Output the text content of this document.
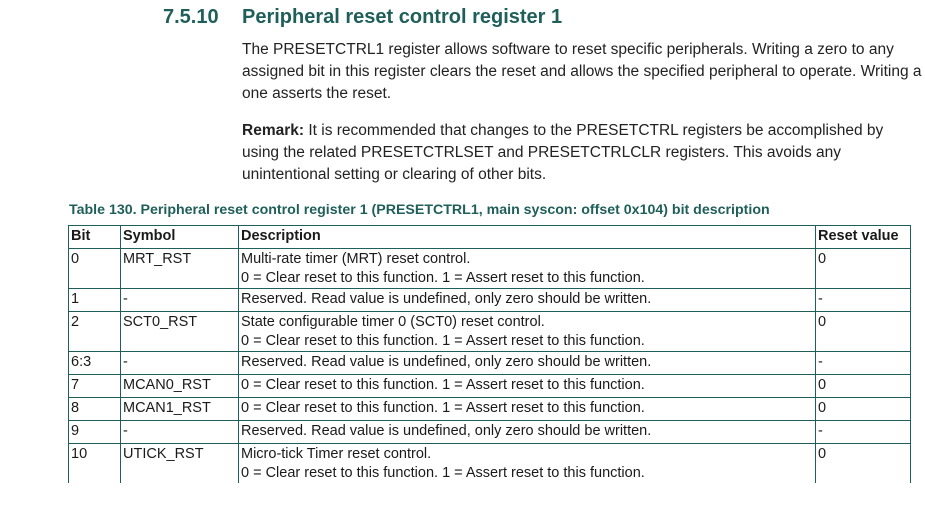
7.5.10 Peripheral reset control register 1
The PRESETCTRL1 register allows software to reset specific peripherals. Writing a zero to any assigned bit in this register clears the reset and allows the specified peripheral to operate. Writing a one asserts the reset.
Remark: It is recommended that changes to the PRESETCTRL registers be accomplished by using the related PRESETCTRLSET and PRESETCTRLCLR registers. This avoids any unintentional setting or clearing of other bits.
Table 130. Peripheral reset control register 1 (PRESETCTRL1, main syscon: offset 0x104) bit description
Bit	Symbol	Description	Reset value
0	MRT_RST	Multi-rate timer (MRT) reset control.
0 = Clear reset to this function. 1 = Assert reset to this function.	0
1	-	Reserved. Read value is undefined, only zero should be written.	-
2	SCT0_RST	State configurable timer 0 (SCT0) reset control.
0 = Clear reset to this function. 1 = Assert reset to this function.	0
6:3	-	Reserved. Read value is undefined, only zero should be written.	-
7	MCAN0_RST	0 = Clear reset to this function. 1 = Assert reset to this function.	0
8	MCAN1_RST	0 = Clear reset to this function. 1 = Assert reset to this function.	0
9	-	Reserved. Read value is undefined, only zero should be written.	-
10	UTICK_RST	Micro-tick Timer reset control.
0 = Clear reset to this function. 1 = Assert reset to this function.	0
